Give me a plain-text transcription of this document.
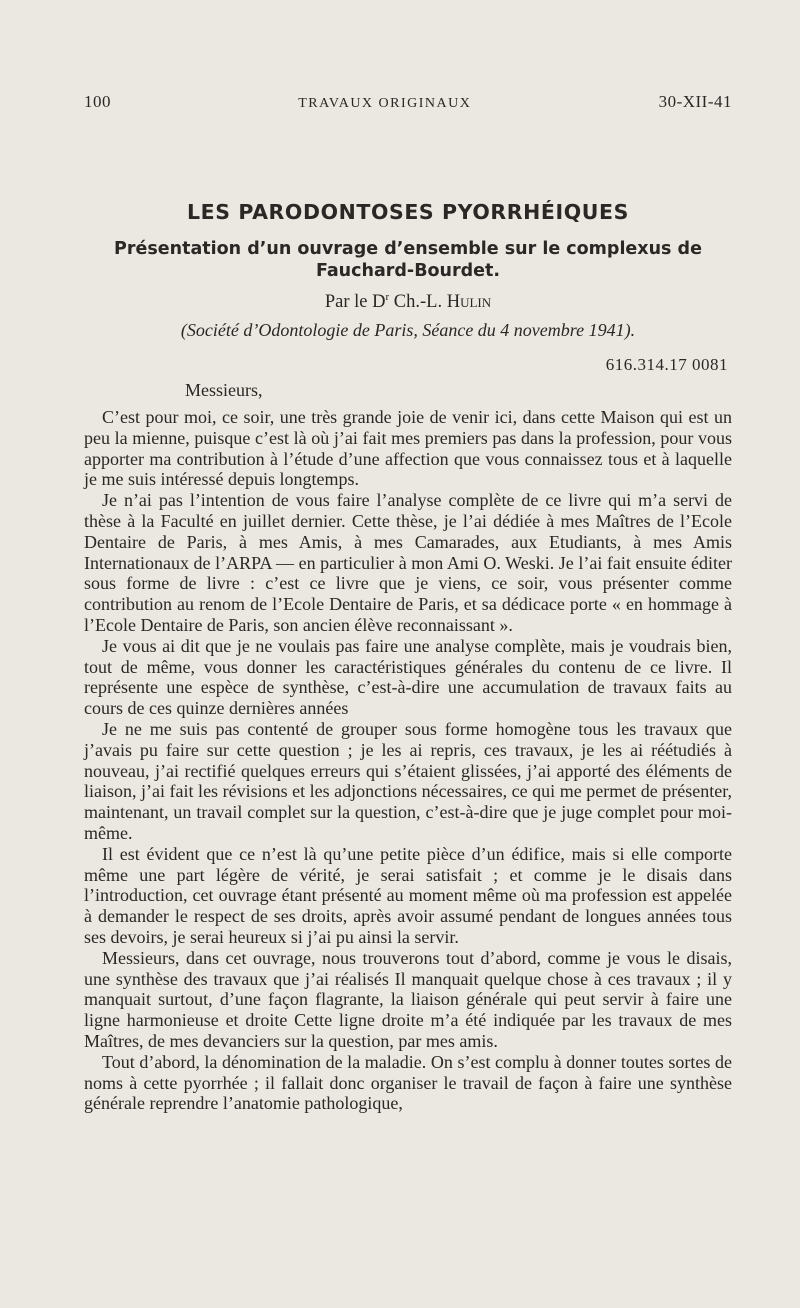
100	TRAVAUX ORIGINAUX	30-XII-41
LES PARODONTOSES PYORRHÉIQUES
Présentation d’un ouvrage d’ensemble sur le complexus de Fauchard-Bourdet.
Par le $D^r$ Ch.-L. Hulin
(Société d’Odontologie de Paris, Séance du 4 novembre 1941).
616.314.17 0081
Messieurs,

C’est pour moi, ce soir, une très grande joie de venir ici, dans cette Maison qui est un peu la mienne, puisque c’est là où j’ai fait mes premiers pas dans la profession, pour vous apporter ma contribution à l’étude d’une affection que vous connaissez tous et à laquelle je me suis intéressé depuis longtemps.

Je n’ai pas l’intention de vous faire l’analyse complète de ce livre qui m’a servi de thèse à la Faculté en juillet dernier. Cette thèse, je l’ai dédiée à mes Maîtres de l’Ecole Dentaire de Paris, à mes Amis, à mes Camarades, aux Etudiants, à mes Amis Internationaux de l’ARPA — en particulier à mon Ami O. Weski. Je l’ai fait ensuite éditer sous forme de livre : c’est ce livre que je viens, ce soir, vous présenter comme contribution au renom de l’Ecole Dentaire de Paris, et sa dédicace porte « en hommage à l’Ecole Dentaire de Paris, son ancien élève reconnaissant ».

Je vous ai dit que je ne voulais pas faire une analyse complète, mais je voudrais bien, tout de même, vous donner les caractéristiques générales du contenu de ce livre. Il représente une espèce de synthèse, c’est-à-dire une accumulation de travaux faits au cours de ces quinze dernières années

Je ne me suis pas contenté de grouper sous forme homogène tous les travaux que j’avais pu faire sur cette question ; je les ai repris, ces travaux, je les ai réétudiés à nouveau, j’ai rectifié quelques erreurs qui s’étaient glissées, j’ai apporté des éléments de liaison, j’ai fait les révisions et les adjonctions nécessaires, ce qui me permet de présenter, maintenant, un travail complet sur la question, c’est-à-dire que je juge complet pour moi-même.

Il est évident que ce n’est là qu’une petite pièce d’un édifice, mais si elle comporte même une part légère de vérité, je serai satisfait ; et comme je le disais dans l’introduction, cet ouvrage étant présenté au moment même où ma profession est appelée à demander le respect de ses droits, après avoir assumé pendant de longues années tous ses devoirs, je serai heureux si j’ai pu ainsi la servir.

Messieurs, dans cet ouvrage, nous trouverons tout d’abord, comme je vous le disais, une synthèse des travaux que j’ai réalisés Il manquait quelque chose à ces travaux ; il y manquait surtout, d’une façon flagrante, la liaison générale qui peut servir à faire une ligne harmonieuse et droite Cette ligne droite m’a été indiquée par les travaux de mes Maîtres, de mes devanciers sur la question, par mes amis.

Tout d’abord, la dénomination de la maladie. On s’est complu à donner toutes sortes de noms à cette pyorrhée ; il fallait donc organiser le travail de façon à faire une synthèse générale reprendre l’anatomie pathologique,
